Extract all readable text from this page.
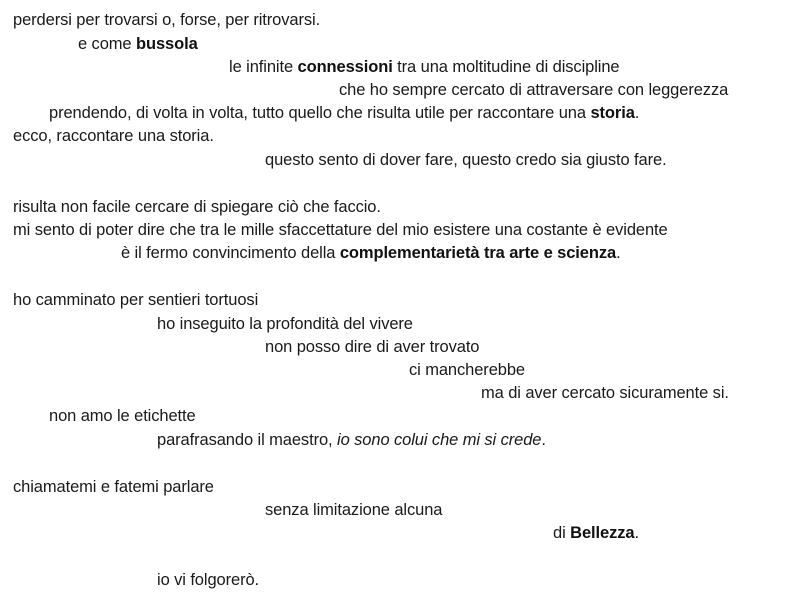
perdersi per trovarsi o, forse, per ritrovarsi.
e come bussola
le infinite connessioni tra una moltitudine di discipline
che ho sempre cercato di attraversare con leggerezza
prendendo, di volta in volta, tutto quello che risulta utile per raccontare una storia.
ecco, raccontare una storia.
questo sento di dover fare, questo credo sia giusto fare.
risulta non facile cercare di spiegare ciò che faccio.
mi sento di poter dire che tra le mille sfaccettature del mio esistere una costante è evidente
è il fermo convincimento della complementarietà tra arte e scienza.
ho camminato per sentieri tortuosi
ho inseguito la profondità del vivere
non posso dire di aver trovato
ci mancherebbe
ma di aver cercato sicuramente si.
non amo le etichette
parafrasando il maestro, io sono colui che mi si crede.
chiamatemi e fatemi parlare
senza limitazione alcuna
di Bellezza.
io vi folgorerò.
